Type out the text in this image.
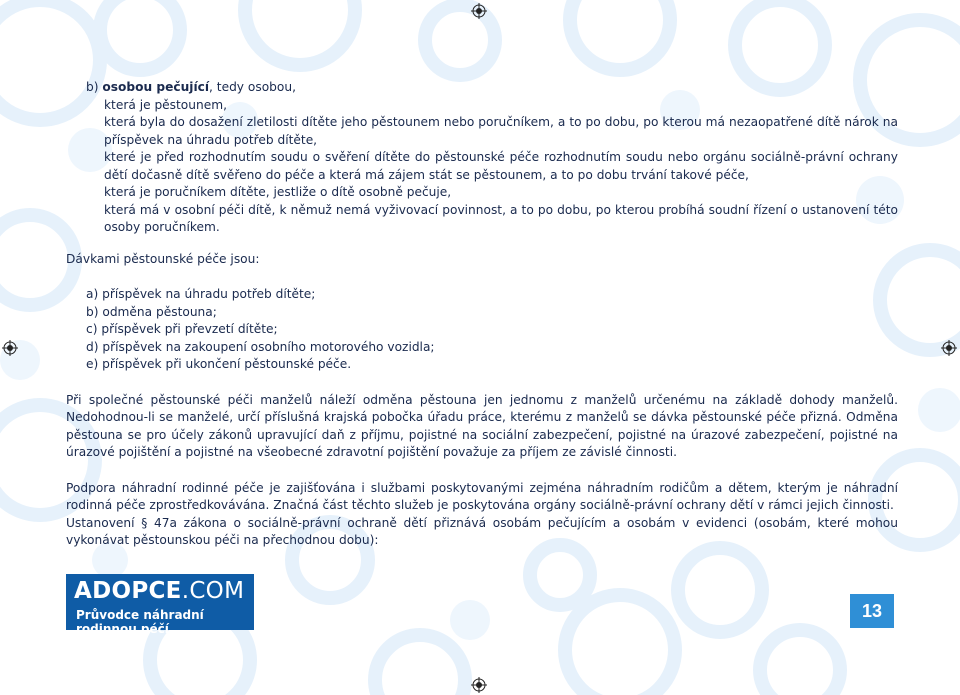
b) osobou pečující, tedy osobou,

která je pěstounem,

která byla do dosažení zletilosti dítěte jeho pěstounem nebo poručníkem, a to po dobu, po kterou má nezaopatřené dítě nárok na příspěvek na úhradu potřeb dítěte,

které je před rozhodnutím soudu o svěření dítěte do pěstounské péče rozhodnutím soudu nebo orgánu sociálně-právní ochrany dětí dočasně dítě svěřeno do péče a která má zájem stát se pěstounem, a to po dobu trvání takové péče,

která je poručníkem dítěte, jestliže o dítě osobně pečuje,

která má v osobní péči dítě, k němuž nemá vyživovací povinnost, a to po dobu, po kterou probíhá soudní řízení o ustanovení této osoby poručníkem.

Dávkami pěstounské péče jsou:

a) příspěvek na úhradu potřeb dítěte;

b) odměna pěstouna;

c) příspěvek při převzetí dítěte;

d) příspěvek na zakoupení osobního motorového vozidla;

e) příspěvek při ukončení pěstounské péče.

Při společné pěstounské péči manželů náleží odměna pěstouna jen jednomu z manželů určenému na základě dohody manželů. Nedohodnou-li se manželé, určí příslušná krajská pobočka úřadu práce, kterému z manželů se dávka pěstounské péče přizná. Odměna pěstouna se pro účely zákonů upravující daň z příjmu, pojistné na sociální zabezpečení, pojistné na úrazové zabezpečení, pojistné na úrazové pojištění a pojistné na všeobecné zdravotní pojištění považuje za příjem ze závislé činnosti.

Podpora náhradní rodinné péče je zajišťována i službami poskytovanými zejména náhradním rodičům a dětem, kterým je náhradní rodinná péče zprostředkovávána. Značná část těchto služeb je poskytována orgány sociálně-právní ochrany dětí v rámci jejich činnosti.

Ustanovení § 47a zákona o sociálně-právní ochraně dětí přiznává osobám pečujícím a osobám v evidenci (osobám, které mohou vykonávat pěstounskou péči na přechodnou dobu):

ADOPCE.COM
Průvodce náhradní rodinnou péčí
13
